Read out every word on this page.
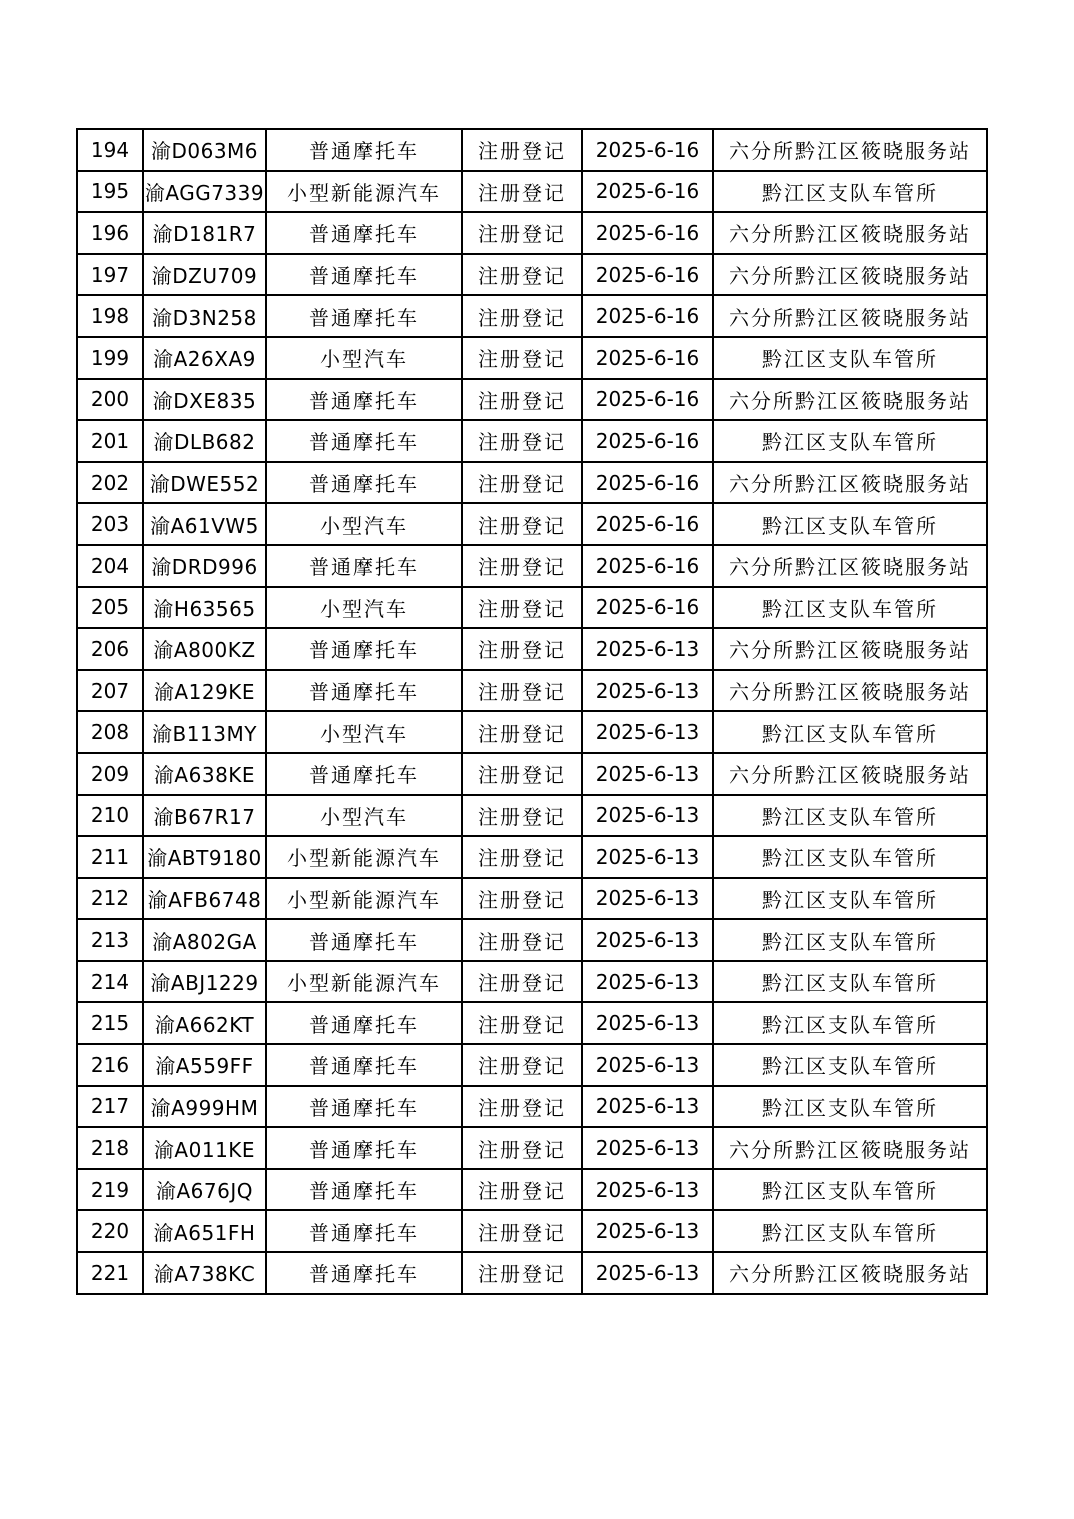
194	渝D063M6	普通摩托车	注册登记	2025-6-16	六分所黔江区筱晓服务站
195	渝AGG7339	小型新能源汽车	注册登记	2025-6-16	黔江区支队车管所
196	渝D181R7	普通摩托车	注册登记	2025-6-16	六分所黔江区筱晓服务站
197	渝DZU709	普通摩托车	注册登记	2025-6-16	六分所黔江区筱晓服务站
198	渝D3N258	普通摩托车	注册登记	2025-6-16	六分所黔江区筱晓服务站
199	渝A26XA9	小型汽车	注册登记	2025-6-16	黔江区支队车管所
200	渝DXE835	普通摩托车	注册登记	2025-6-16	六分所黔江区筱晓服务站
201	渝DLB682	普通摩托车	注册登记	2025-6-16	黔江区支队车管所
202	渝DWE552	普通摩托车	注册登记	2025-6-16	六分所黔江区筱晓服务站
203	渝A61VW5	小型汽车	注册登记	2025-6-16	黔江区支队车管所
204	渝DRD996	普通摩托车	注册登记	2025-6-16	六分所黔江区筱晓服务站
205	渝H63565	小型汽车	注册登记	2025-6-16	黔江区支队车管所
206	渝A800KZ	普通摩托车	注册登记	2025-6-13	六分所黔江区筱晓服务站
207	渝A129KE	普通摩托车	注册登记	2025-6-13	六分所黔江区筱晓服务站
208	渝B113MY	小型汽车	注册登记	2025-6-13	黔江区支队车管所
209	渝A638KE	普通摩托车	注册登记	2025-6-13	六分所黔江区筱晓服务站
210	渝B67R17	小型汽车	注册登记	2025-6-13	黔江区支队车管所
211	渝ABT9180	小型新能源汽车	注册登记	2025-6-13	黔江区支队车管所
212	渝AFB6748	小型新能源汽车	注册登记	2025-6-13	黔江区支队车管所
213	渝A802GA	普通摩托车	注册登记	2025-6-13	黔江区支队车管所
214	渝ABJ1229	小型新能源汽车	注册登记	2025-6-13	黔江区支队车管所
215	渝A662KT	普通摩托车	注册登记	2025-6-13	黔江区支队车管所
216	渝A559FF	普通摩托车	注册登记	2025-6-13	黔江区支队车管所
217	渝A999HM	普通摩托车	注册登记	2025-6-13	黔江区支队车管所
218	渝A011KE	普通摩托车	注册登记	2025-6-13	六分所黔江区筱晓服务站
219	渝A676JQ	普通摩托车	注册登记	2025-6-13	黔江区支队车管所
220	渝A651FH	普通摩托车	注册登记	2025-6-13	黔江区支队车管所
221	渝A738KC	普通摩托车	注册登记	2025-6-13	六分所黔江区筱晓服务站
